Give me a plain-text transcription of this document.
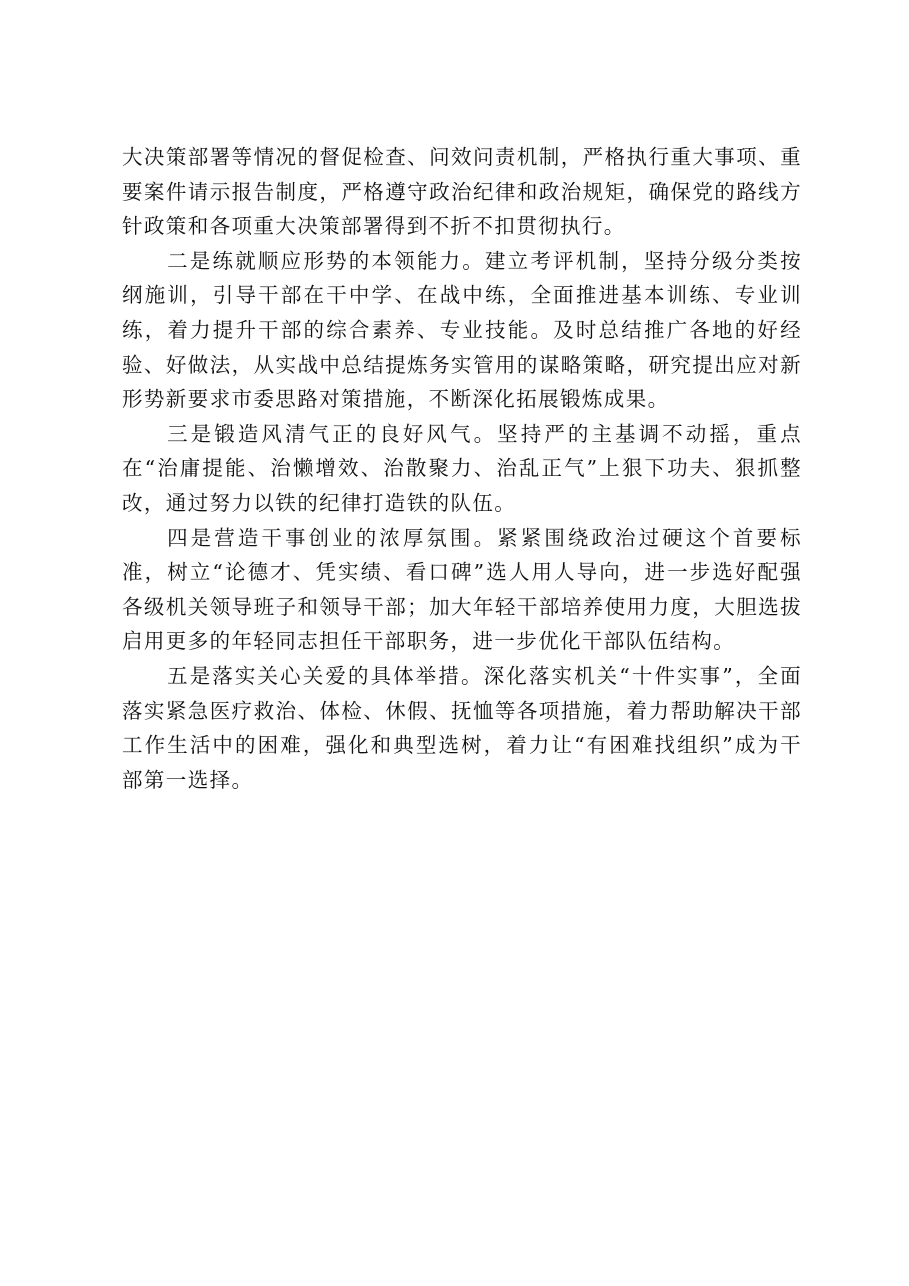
大决策部署等情况的督促检查、问效问责机制，严格执行重大事项、重要案件请示报告制度，严格遵守政治纪律和政治规矩，确保党的路线方针政策和各项重大决策部署得到不折不扣贯彻执行。

二是练就顺应形势的本领能力。建立考评机制，坚持分级分类按纲施训，引导干部在干中学、在战中练，全面推进基本训练、专业训练，着力提升干部的综合素养、专业技能。及时总结推广各地的好经验、好做法，从实战中总结提炼务实管用的谋略策略，研究提出应对新形势新要求市委思路对策措施，不断深化拓展锻炼成果。

三是锻造风清气正的良好风气。坚持严的主基调不动摇，重点在“治庸提能、治懒增效、治散聚力、治乱正气”上狠下功夫、狠抓整改，通过努力以铁的纪律打造铁的队伍。

四是营造干事创业的浓厚氛围。紧紧围绕政治过硬这个首要标准，树立“论德才、凭实绩、看口碑”选人用人导向，进一步选好配强各级机关领导班子和领导干部；加大年轻干部培养使用力度，大胆选拔启用更多的年轻同志担任干部职务，进一步优化干部队伍结构。

五是落实关心关爱的具体举措。深化落实机关“十件实事”，全面落实紧急医疗救治、体检、休假、抚恤等各项措施，着力帮助解决干部工作生活中的困难，强化和典型选树，着力让“有困难找组织”成为干部第一选择。
